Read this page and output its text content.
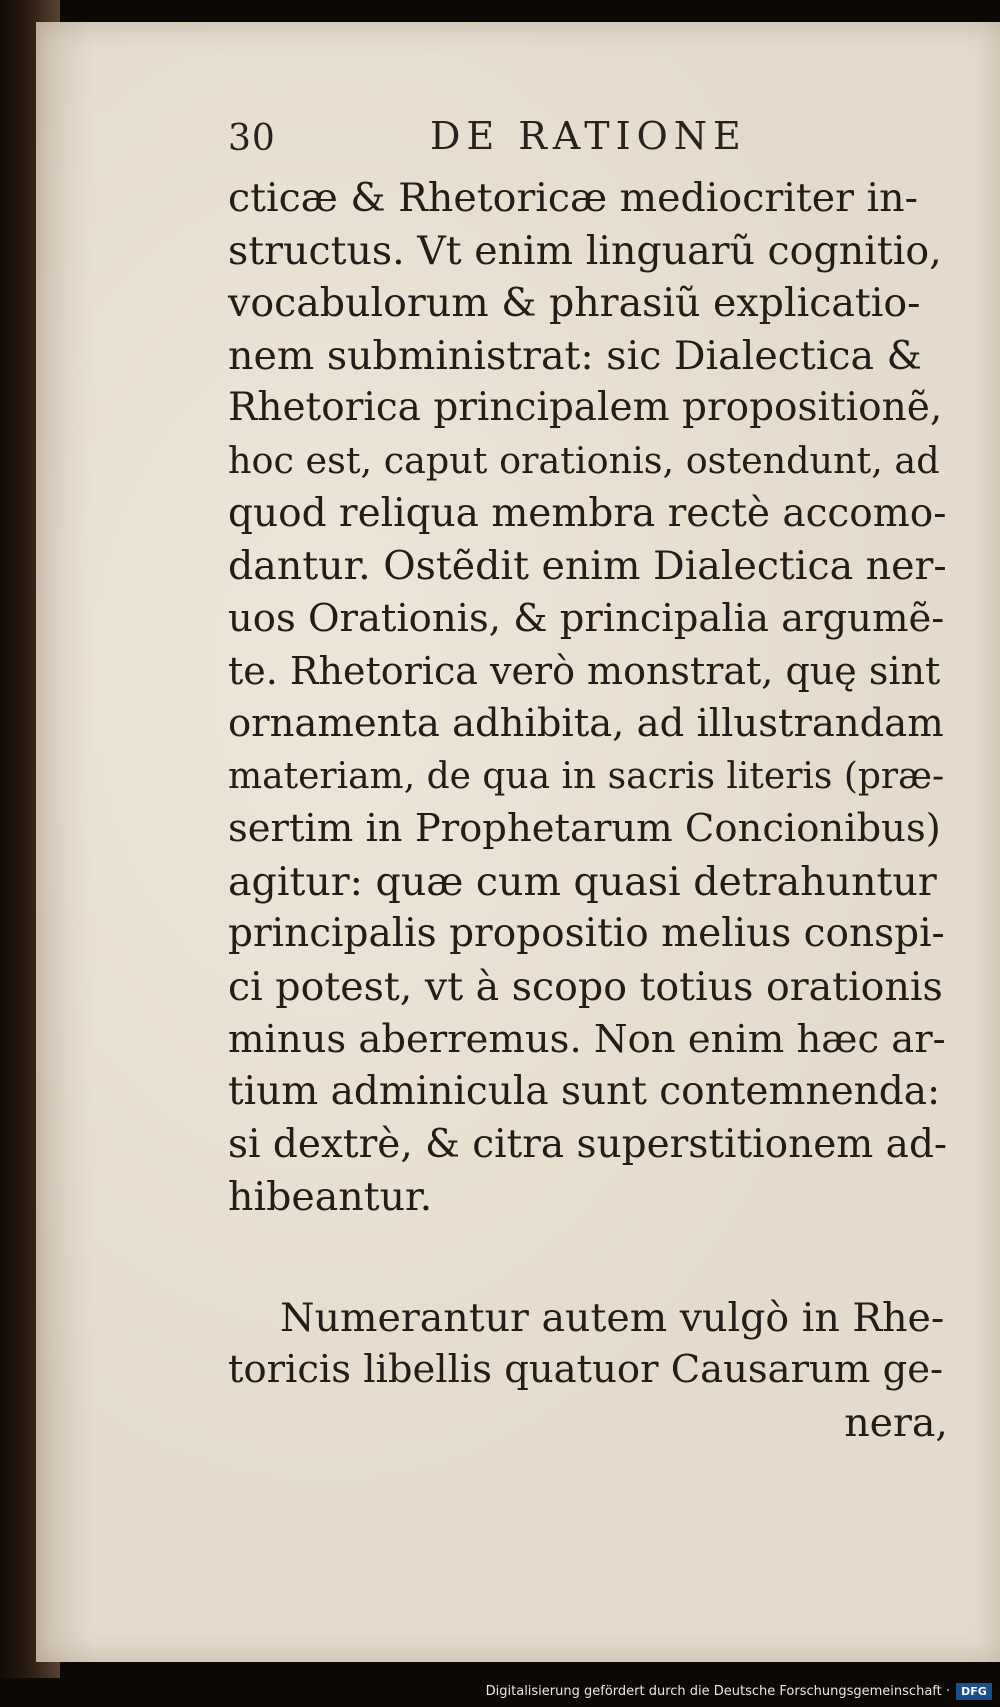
30	DE RATIONE
cticæ & Rhetoricæ mediocriter in-
structus. Vt enim linguarũ cognitio,
vocabulorum & phrasiũ explicatio-
nem subministrat: sic Dialectica &
Rhetorica principalem propositionẽ,
hoc est, caput orationis, ostendunt, ad
quod reliqua membra rectè accomo-
dantur. Ostẽdit enim Dialectica ner-
uos Orationis, & principalia argumẽ-
te. Rhetorica verò monstrat, quę sint
ornamenta adhibita, ad illustrandam
materiam, de qua in sacris literis (præ-
sertim in Prophetarum Concionibus)
agitur: quæ cum quasi detrahuntur
principalis propositio melius conspi-
ci potest, vt à scopo totius orationis
minus aberremus. Non enim hæc ar-
tium adminicula sunt contemnenda:
si dextrè, & citra superstitionem ad-
hibeantur.
Numerantur autem vulgò in Rhe-
toricis libellis quatuor Causarum ge-
nera,
Digitalisierung gefördert durch die Deutsche Forschungsgemeinschaft ·	DFG
